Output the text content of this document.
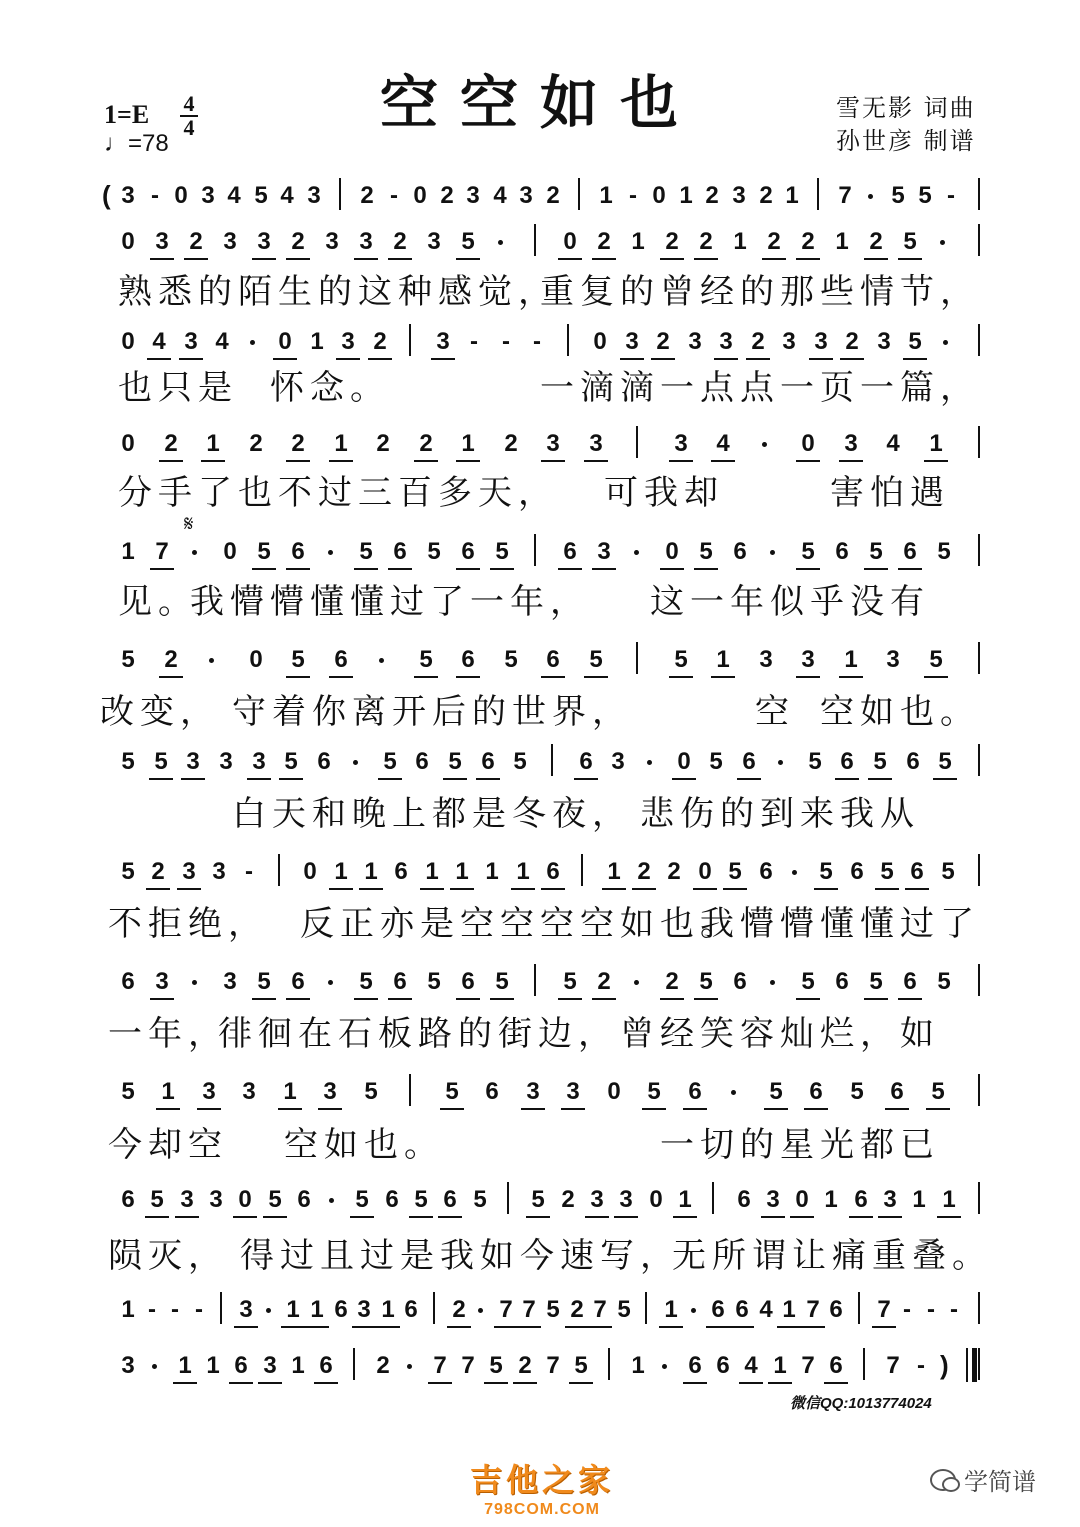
空空如也	雪无影 词曲
孙世彦 制谱
1=E 4
4
♩=78
3 - 0 3 4 5 4 3 2 - 0 2 3 4 3 2 1 - 0 1 2 3 2 1 7 5 5 -
0 3 2 3 3 2 3 3 2 3 5	0 2 1 2 2 1 2 2 1 2 5
0 4 3 4 0 1 3 2 3 - - - 0 3 2 3 3 2 3 3 2 3 5
0 2 1 2 2 1 2 2 1 2 3 3	3 4	0 3 4 1
1 7 0 5 6 5 6 5 6 5 6 3 0 5 6 5 6 5 6 5
5 2	0 5 6	5 6 5 6 5	5 1 3 3 1 3 5
5 5 3 3 3 5 6 5 6 5 6 5 6 3 0 5 6 5 6 5 6 5
5 2 3 3 - 0 1 1 6 1 1 1 1 6 1 2 2 0 5 6 5 6 5 6 5
6 3 3 5 6 5 6 5 6 5 5 2 2 5 6 5 6 5 6 5
5 1 3 3 1 3 5	5 6 3 3 0 5 6	5 6 5 6 5
6 5 3 3 0 5 6 5 6 5 6 5 5 2 3 3 0 1 6 3 0 1 6 3 1 1
1 - - - 3 1 1 6 3 1 6 2 7 7 5 2 7 5 1 6 6 4 1 7 6 7 - - -
3 1 1 6 3 1 6 2 7 7 5 2 7 5 1 6 6 4 1 7 6 7 - )
(
𝄋
熟悉的陌生的这种感觉，
重复的曾经的那些情节，
也只是 怀念。	一滴滴一点点一页一篇，
分手了也不过三百多天， 可我却	害怕遇
见。
我懵懵懂懂过了一年， 这一年似乎没有
改变， 守着你离开后的世界，	空 空如也。
白天和晚上都是冬夜， 悲伤的到来我从
不拒绝， 反正亦是空空空空如也。
我懵懵懂懂过了
一年，
徘徊在石板路的街边， 曾经笑容灿烂，如
今却空 空如也。	一切的星光都已
陨灭， 得过且过是我如今速写，
无所谓让痛重叠。
微信QQ:1013774024
吉他之家
798COM.COM
学简谱
